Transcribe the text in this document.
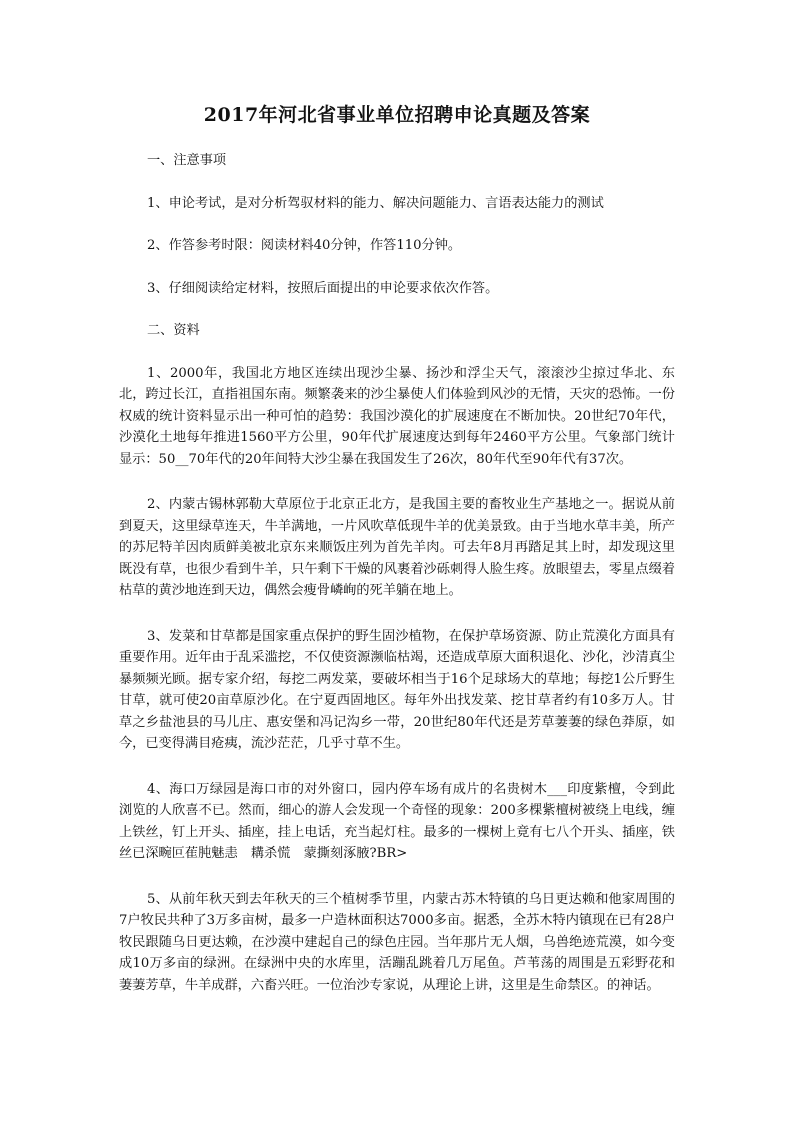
2017年河北省事业单位招聘申论真题及答案

一、注意事项

1、申论考试，是对分析驾驭材料的能力、解决问题能力、言语表达能力的测试

2、作答参考时限：阅读材料40分钟，作答110分钟。

3、仔细阅读给定材料，按照后面提出的申论要求依次作答。

二、资料

1、2000年，我国北方地区连续出现沙尘暴、扬沙和浮尘天气，滚滚沙尘掠过华北、东北，跨过长江，直指祖国东南。频繁袭来的沙尘暴使人们体验到风沙的无情，天灾的恐怖。一份权威的统计资料显示出一种可怕的趋势：我国沙漠化的扩展速度在不断加快。20世纪70年代，沙漠化土地每年推进1560平方公里，90年代扩展速度达到每年2460平方公里。气象部门统计显示：50__70年代的20年间特大沙尘暴在我国发生了26次，80年代至90年代有37次。

2、内蒙古锡林郭勒大草原位于北京正北方，是我国主要的畜牧业生产基地之一。据说从前到夏天，这里绿草连天，牛羊满地，一片风吹草低现牛羊的优美景致。由于当地水草丰美，所产的苏尼特羊因肉质鲜美被北京东来顺饭庄列为首先羊肉。可去年8月再踏足其上时，却发现这里既没有草，也很少看到牛羊，只午剩下干燥的风裹着沙砾刺得人脸生疼。放眼望去，零星点缀着枯草的黄沙地连到天边，偶然会瘦骨嶙峋的死羊躺在地上。

3、发菜和甘草都是国家重点保护的野生固沙植物，在保护草场资源、防止荒漠化方面具有重要作用。近年由于乱采滥挖，不仅使资源濒临枯竭，还造成草原大面积退化、沙化，沙清真尘暴频频光顾。据专家介绍，每挖二两发菜，要破坏相当于16个足球场大的草地；每挖1公斤野生甘草，就可使20亩草原沙化。在宁夏西固地区。每年外出找发菜、挖甘草者约有10多万人。甘草之乡盐池县的马儿庄、惠安堡和冯记沟乡一带，20世纪80年代还是芳草萋萋的绿色莽原，如今，已变得满目疮痍，流沙茫茫，几乎寸草不生。

4、海口万绿园是海口市的对外窗口，园内停车场有成片的名贵树木___印度紫檀，令到此浏览的人欣喜不已。然而，细心的游人会发现一个奇怪的现象：200多棵紫檀树被绕上电线，缠上铁丝，钉上开头、插座，挂上电话，充当起灯柱。最多的一棵树上竟有七八个开头、插座，铁丝已深畹叵萑肫魅恚　耩杀慌　蒙撕刻涿腋?BR>

5、从前年秋天到去年秋天的三个植树季节里，内蒙古苏木特镇的乌日更达赖和他家周围的7户牧民共种了3万多亩树，最多一户造林面积达7000多亩。据悉，全苏木特内镇现在已有28户牧民跟随乌日更达赖，在沙漠中建起自己的绿色庄园。当年那片无人烟，乌兽绝迹荒漠，如今变成10万多亩的绿洲。在绿洲中央的水库里，活蹦乱跳着几万尾鱼。芦苇荡的周围是五彩野花和萋萋芳草，牛羊成群，六畜兴旺。一位治沙专家说，从理论上讲，这里是生命禁区。的神话。
